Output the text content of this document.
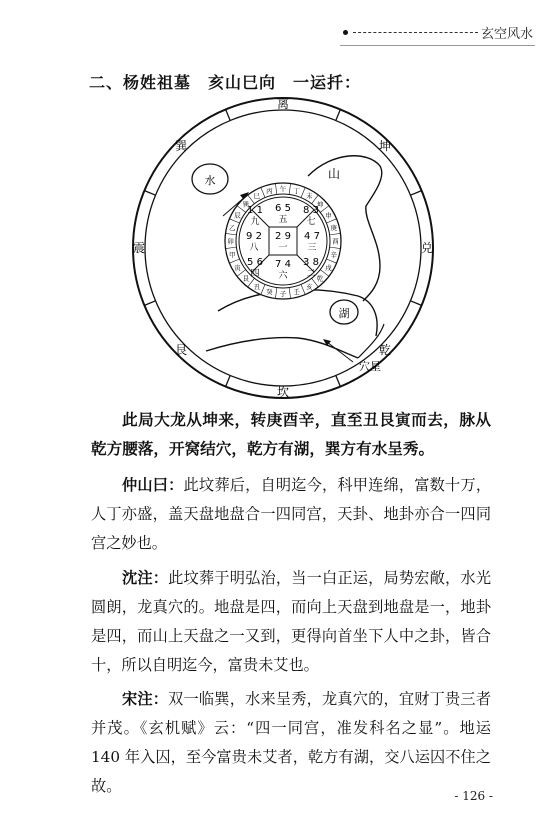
玄空风水
二、杨姓祖墓　亥山巳向　一运扦：
离
坤
兑
乾
坎
艮
震
巽
水	山
湖
穴星
午 丁
未
坤
申
庚
酉
辛
戌
乾
亥
壬
子
癸
丑
艮
寅
甲
卯
乙
辰
巽
巳
丙
1 1
九
6 5
五
8 3
七
9 2
八
2 9
一
4 7
三
5 6
四
7 4
六
3 8
二
此局大龙从坤来，转庚酉辛，直至丑艮寅而去，脉从乾方腰落，开窝结穴，乾方有湖，巽方有水呈秀。
仲山曰：此坟葬后，自明迄今，科甲连绵，富数十万，人丁亦盛，盖天盘地盘合一四同宫，天卦、地卦亦合一四同宫之妙也。
沈注：此坟葬于明弘治，当一白正运，局势宏敞，水光圆朗，龙真穴的。地盘是四，而向上天盘到地盘是一，地卦是四，而山上天盘之一又到，更得向首坐下人中之卦，皆合十，所以自明迄今，富贵未艾也。
宋注：双一临巽，水来呈秀，龙真穴的，宜财丁贵三者并茂。《玄机赋》云：“四一同宫，准发科名之显”。地运 140 年入囚，至今富贵未艾者，乾方有湖，交八运囚不住之故。
- 126 -
